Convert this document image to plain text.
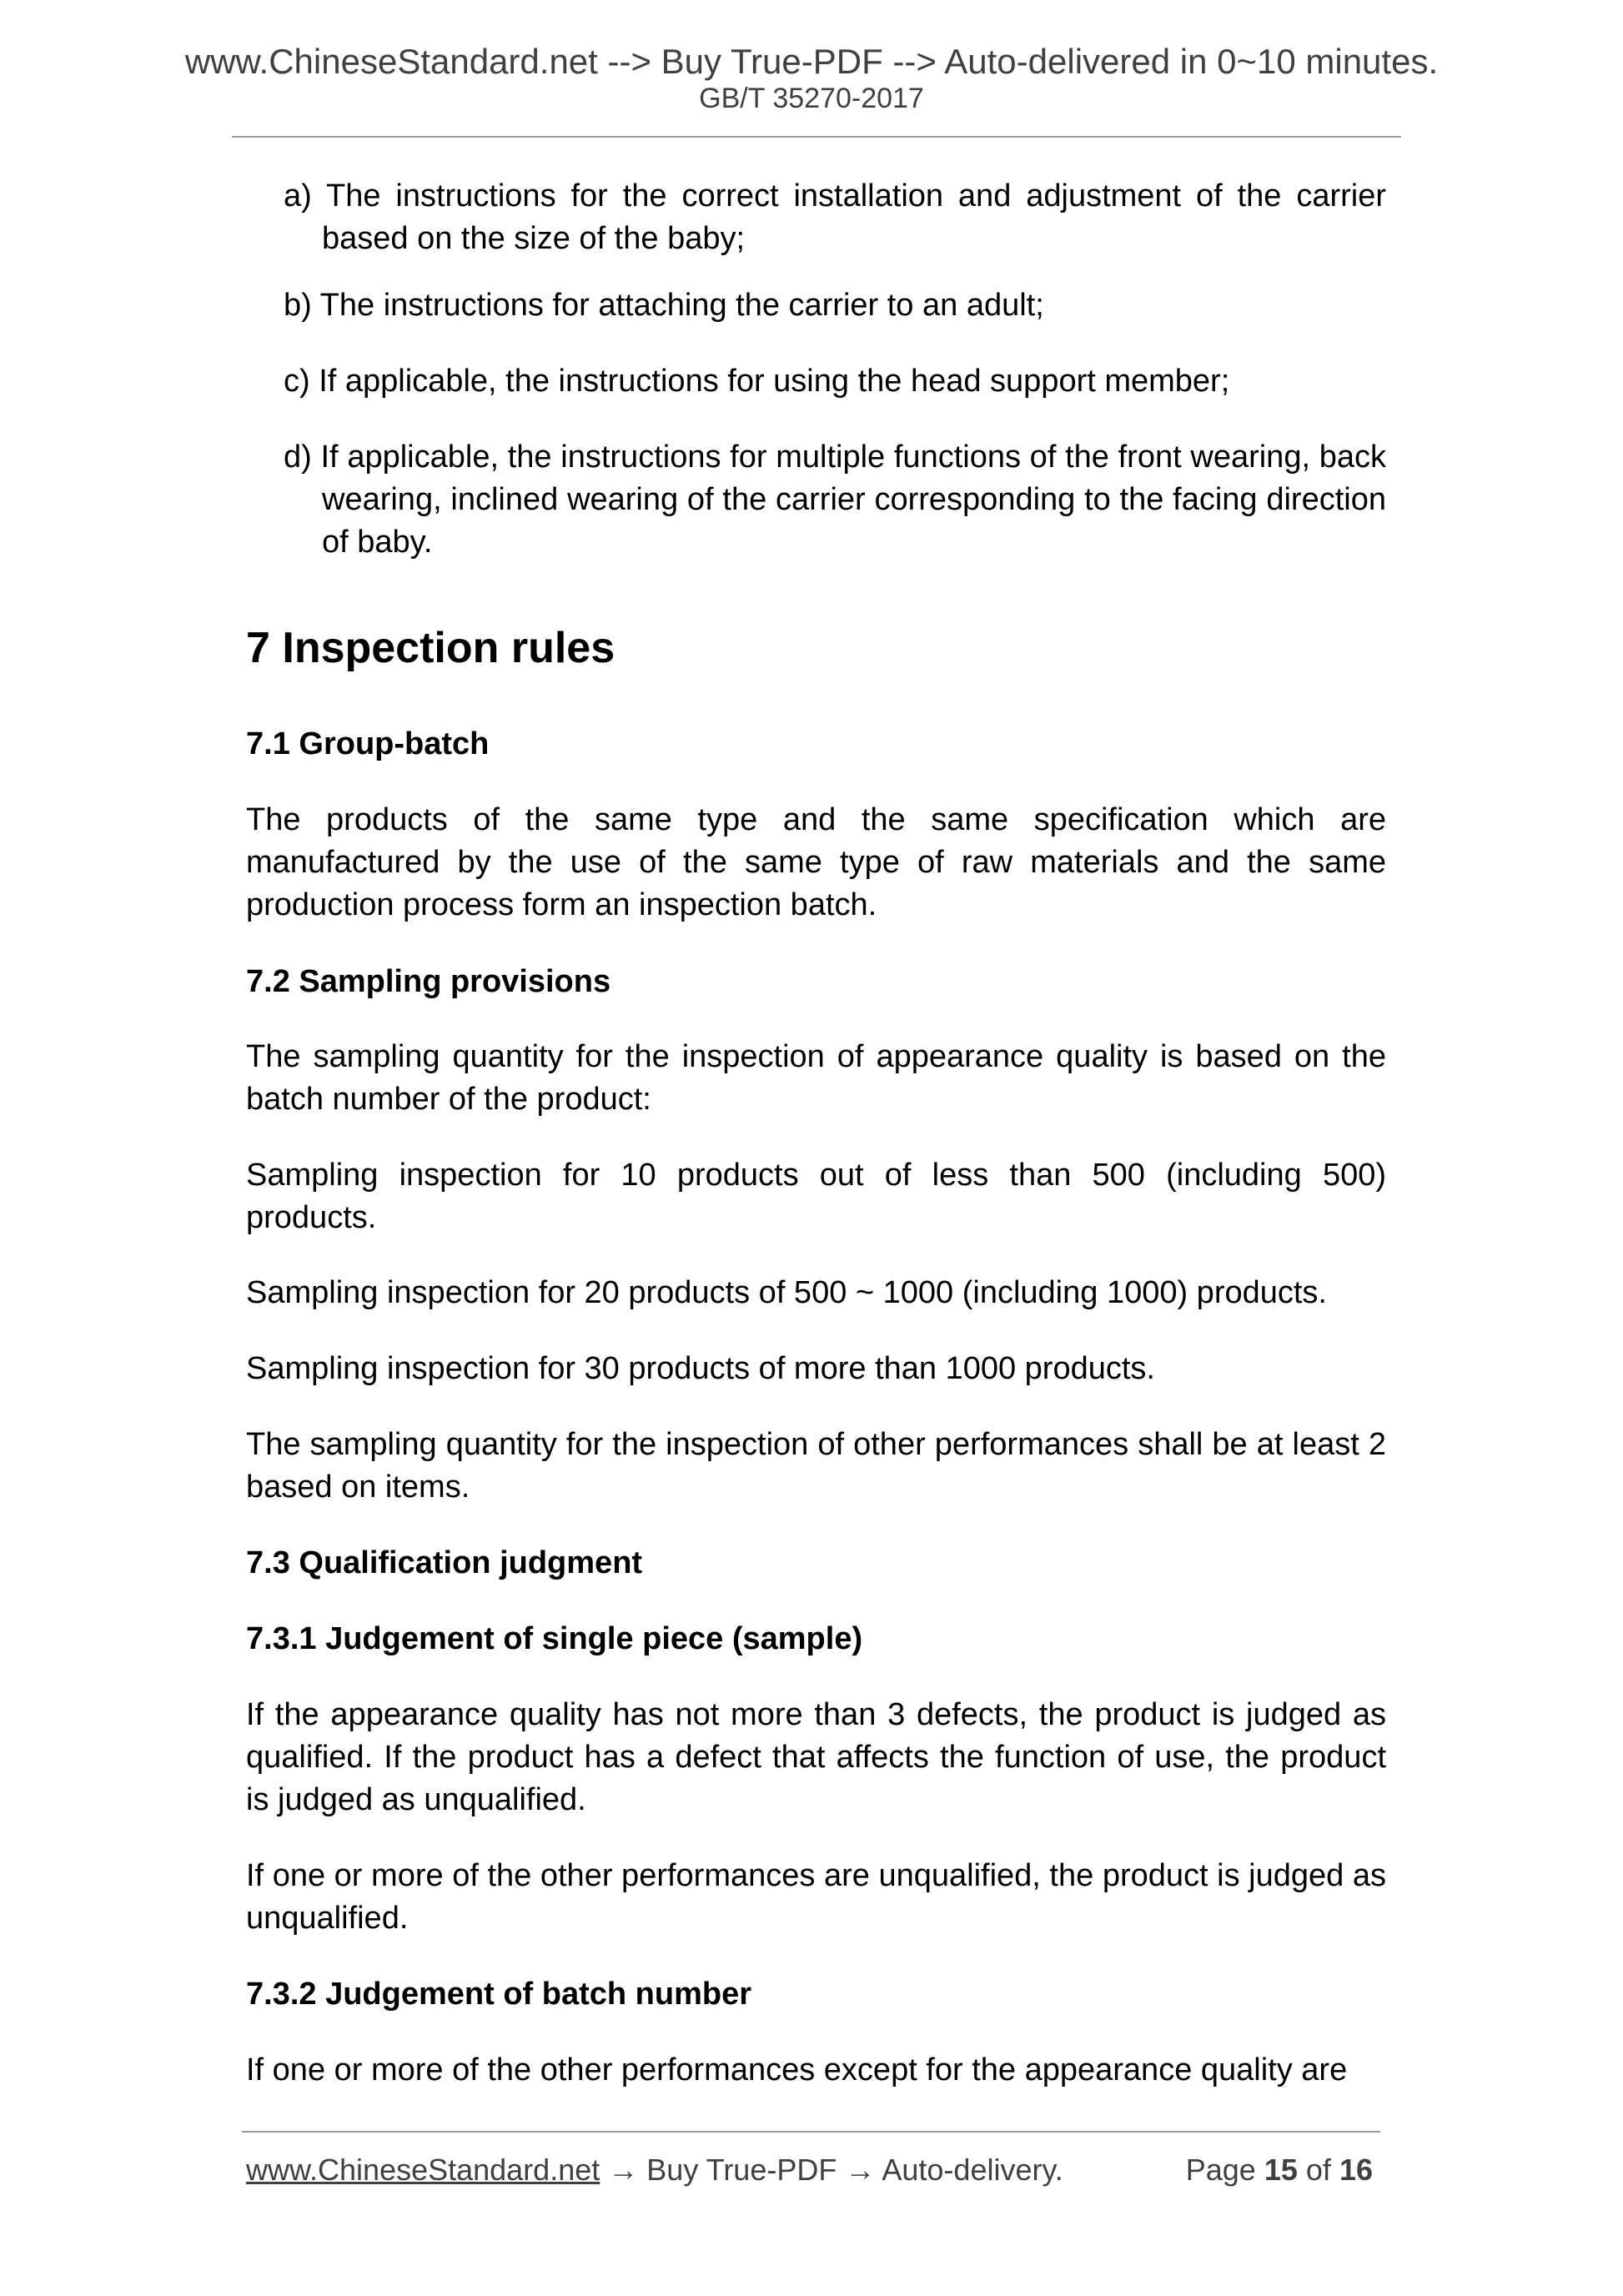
www.ChineseStandard.net --> Buy True-PDF --> Auto-delivered in 0~10 minutes.
GB/T 35270-2017
a) The instructions for the correct installation and adjustment of the carrier based on the size of the baby;
b) The instructions for attaching the carrier to an adult;
c) If applicable, the instructions for using the head support member;
d) If applicable, the instructions for multiple functions of the front wearing, back wearing, inclined wearing of the carrier corresponding to the facing direction of baby.
7 Inspection rules
7.1 Group-batch
The products of the same type and the same specification which are manufactured by the use of the same type of raw materials and the same production process form an inspection batch.
7.2 Sampling provisions
The sampling quantity for the inspection of appearance quality is based on the batch number of the product:
Sampling inspection for 10 products out of less than 500 (including 500) products.
Sampling inspection for 20 products of 500 ~ 1000 (including 1000) products.
Sampling inspection for 30 products of more than 1000 products.
The sampling quantity for the inspection of other performances shall be at least 2 based on items.
7.3 Qualification judgment
7.3.1 Judgement of single piece (sample)
If the appearance quality has not more than 3 defects, the product is judged as qualified. If the product has a defect that affects the function of use, the product is judged as unqualified.
If one or more of the other performances are unqualified, the product is judged as unqualified.
7.3.2 Judgement of batch number
If one or more of the other performances except for the appearance quality are
www.ChineseStandard.net → Buy True-PDF → Auto-delivery.	Page 15 of 16
